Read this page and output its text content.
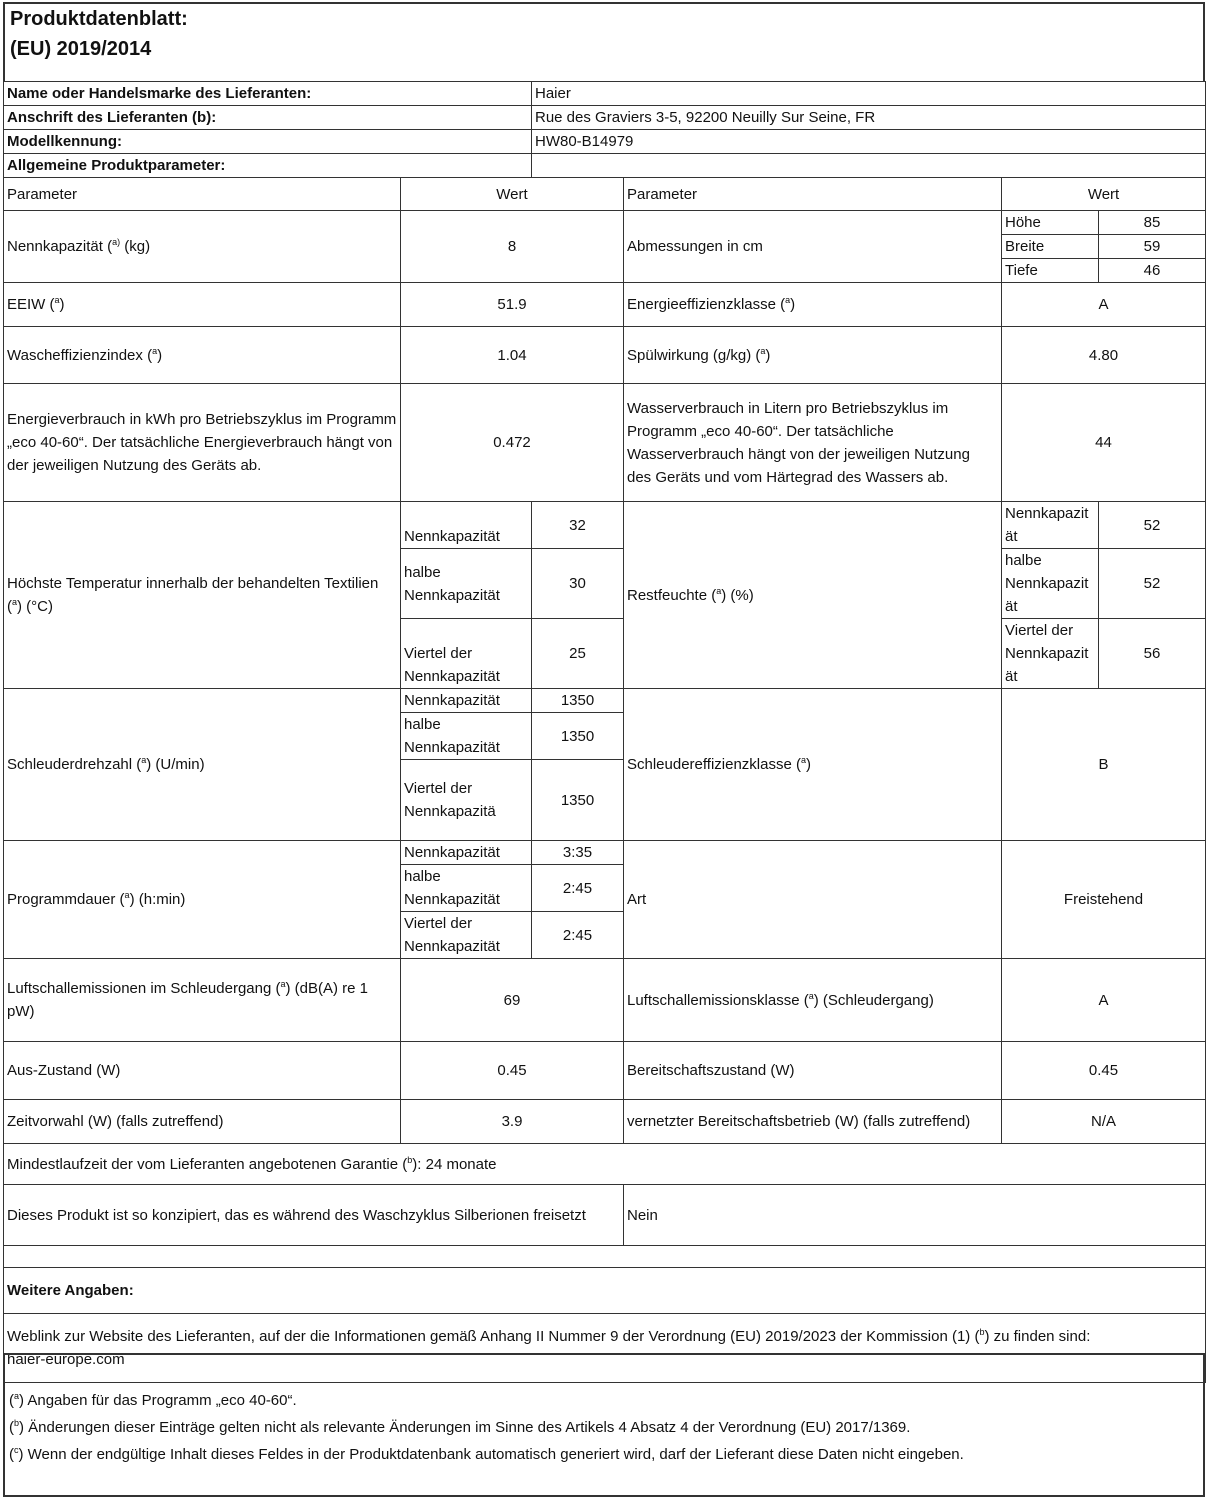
Produktdatenblatt:
(EU) 2019/2014
Name oder Handelsmarke des Lieferanten:		Haier			
Anschrift des Lieferanten (b):		Rue des Graviers 3-5, 92200 Neuilly Sur Seine, FR			
Modellkennung:		HW80-B14979			
Allgemeine Produktparameter:					
Parameter	Wert		Parameter	Wert	
Nennkapazität ($^{a)}$ (kg)	8		Abmessungen in cm	Höhe	85
				Breite	59
				Tiefe	46
EEIW ($^a$)	51.9		Energieeffizienzklasse ($^a$)	A	
Wascheffizienzindex ($^a$)	1.04		Spülwirkung (g/kg) ($^a$)	4.80	
Energieverbrauch in kWh pro Betriebszyklus im Programm „eco 40-60“. Der tatsächliche Energieverbrauch hängt von der jeweiligen Nutzung des Geräts ab.	0.472		Wasserverbrauch in Litern pro Betriebszyklus im Programm „eco 40-60“. Der tatsächliche Wasserverbrauch hängt von der jeweiligen Nutzung des Geräts und vom Härtegrad des Wassers ab.	44	
Höchste Temperatur innerhalb der behandelten Textilien ($^a$) (°C)	Nennkapazität	32	Restfeuchte ($^a$) (%)	Nennkapazit ät	52
	halbe Nennkapazität	30		halbe Nennkapazit ät	52
	Viertel der Nennkapazität	25		Viertel der Nennkapazit ät	56
Schleuderdrehzahl ($^a$) (U/min)	Nennkapazität	1350	Schleudereffizienzklasse ($^a$)	B	
	halbe Nennkapazität	1350			
	Viertel der Nennkapazitä	1350			
Programmdauer ($^a$) (h:min)	Nennkapazität	3:35	Art	Freistehend	
	halbe Nennkapazität	2:45			
	Viertel der Nennkapazität	2:45			
Luftschallemissionen im Schleudergang ($^a$) (dB(A) re 1 pW)	69		Luftschallemissionsklasse ($^a$) (Schleudergang)	A	
Aus-Zustand (W)	0.45		Bereitschaftszustand (W)	0.45	
Zeitvorwahl (W) (falls zutreffend)	3.9		vernetzter Bereitschaftsbetrieb (W) (falls zutreffend)	N/A	
Mindestlaufzeit der vom Lieferanten angebotenen Garantie ($^b$): 24 monate					
Dieses Produkt ist so konzipiert, das es während des Waschzyklus Silberionen freisetzt			Nein		

Weitere Angaben:					
Weblink zur Website des Lieferanten, auf der die Informationen gemäß Anhang II Nummer 9 der Verordnung (EU) 2019/2023 der Kommission (1) ($^b$) zu finden sind:
haier-europe.com					
($^a$) Angaben für das Programm „eco 40-60“.
($^b$) Änderungen dieser Einträge gelten nicht als relevante Änderungen im Sinne des Artikels 4 Absatz 4 der Verordnung (EU) 2017/1369.
($^c$) Wenn der endgültige Inhalt dieses Feldes in der Produktdatenbank automatisch generiert wird, darf der Lieferant diese Daten nicht eingeben.
